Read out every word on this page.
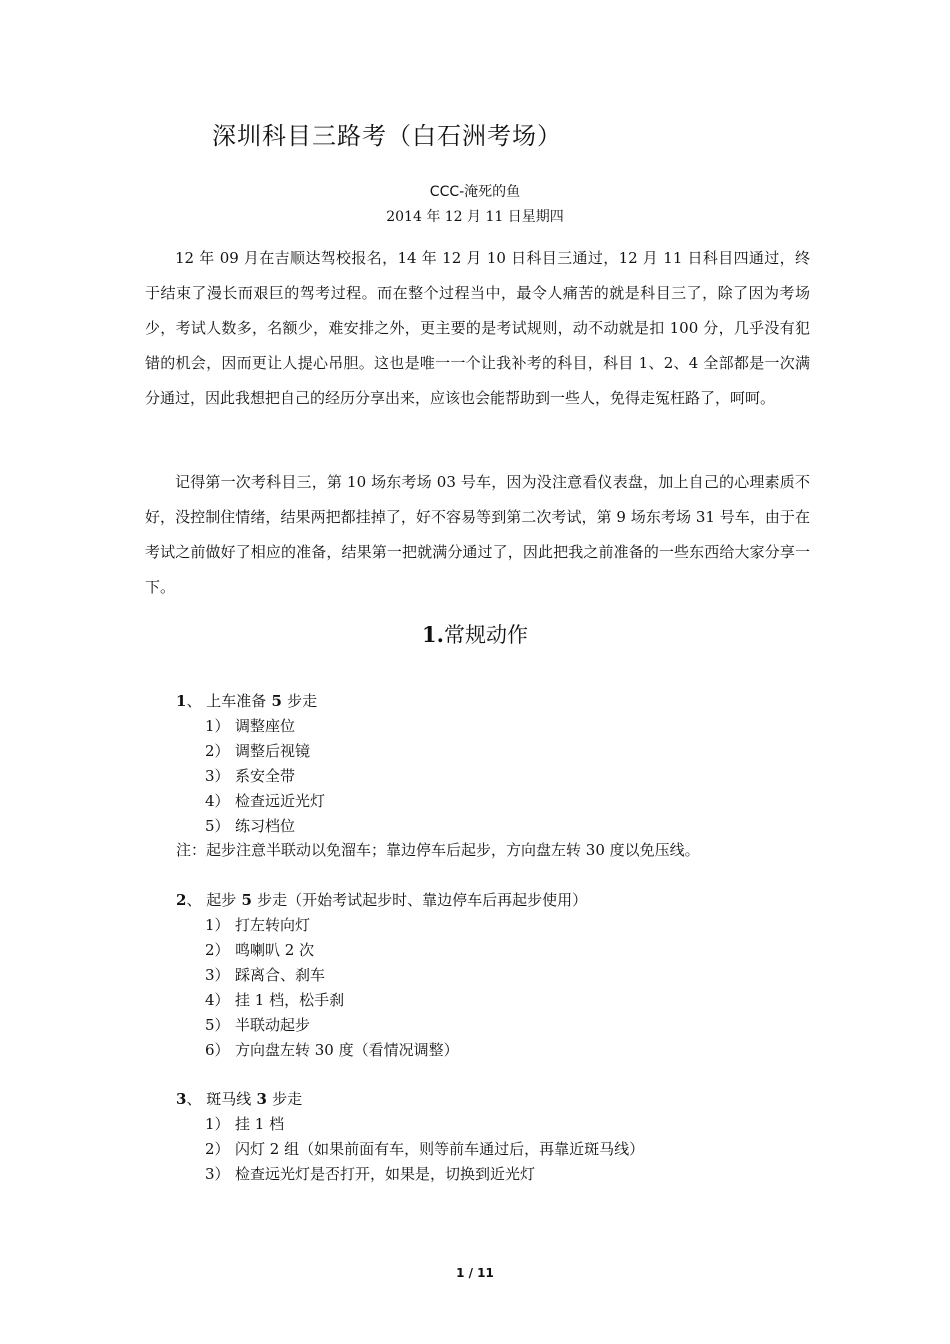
深圳科目三路考（白石洲考场）
CCC-淹死的鱼
2014 年 12 月 11 日星期四
12 年 09 月在吉顺达驾校报名，14 年 12 月 10 日科目三通过，12 月 11 日科目四通过，终于结束了漫长而艰巨的驾考过程。而在整个过程当中，最令人痛苦的就是科目三了，除了因为考场少，考试人数多，名额少，难安排之外，更主要的是考试规则，动不动就是扣 100 分，几乎没有犯错的机会，因而更让人提心吊胆。这也是唯一一个让我补考的科目，科目 1、2、4 全部都是一次满分通过，因此我想把自己的经历分享出来，应该也会能帮助到一些人，免得走冤枉路了，呵呵。
记得第一次考科目三，第 10 场东考场 03 号车，因为没注意看仪表盘，加上自己的心理素质不好，没控制住情绪，结果两把都挂掉了，好不容易等到第二次考试，第 9 场东考场 31 号车，由于在考试之前做好了相应的准备，结果第一把就满分通过了，因此把我之前准备的一些东西给大家分享一下。
1.常规动作
1、 上车准备 5 步走
1） 调整座位
2） 调整后视镜
3） 系安全带
4） 检查远近光灯
5） 练习档位
注：起步注意半联动以免溜车；靠边停车后起步，方向盘左转 30 度以免压线。
2、 起步 5 步走（开始考试起步时、靠边停车后再起步使用）
1） 打左转向灯
2） 鸣喇叭 2 次
3） 踩离合、刹车
4） 挂 1 档，松手刹
5） 半联动起步
6） 方向盘左转 30 度（看情况调整）
3、 斑马线 3 步走
1） 挂 1 档
2） 闪灯 2 组（如果前面有车，则等前车通过后，再靠近斑马线）
3） 检查远光灯是否打开，如果是，切换到近光灯
1 / 11
